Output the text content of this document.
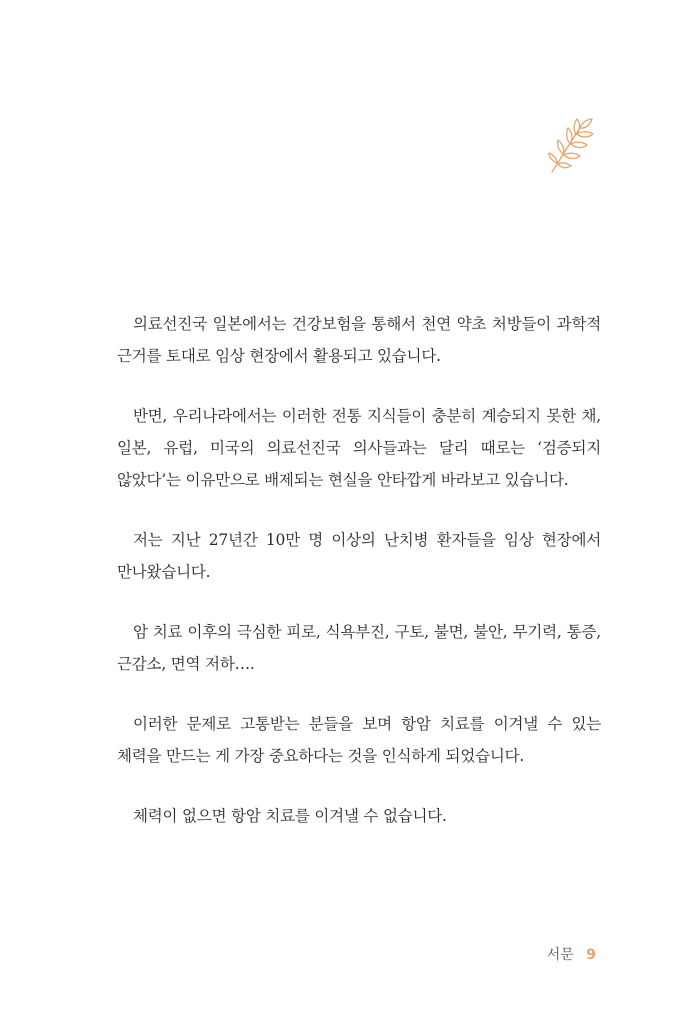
의료선진국 일본에서는 건강보험을 통해서 천연 약초 처방들이 과학적 근거를 토대로 임상 현장에서 활용되고 있습니다.

반면, 우리나라에서는 이러한 전통 지식들이 충분히 계승되지 못한 채, 일본, 유럽, 미국의 의료선진국 의사들과는 달리 때로는 ‘검증되지 않았다’는 이유만으로 배제되는 현실을 안타깝게 바라보고 있습니다.

저는 지난 27년간 10만 명 이상의 난치병 환자들을 임상 현장에서 만나왔습니다.

암 치료 이후의 극심한 피로, 식욕부진, 구토, 불면, 불안, 무기력, 통증, 근감소, 면역 저하….

이러한 문제로 고통받는 분들을 보며 항암 치료를 이겨낼 수 있는 체력을 만드는 게 가장 중요하다는 것을 인식하게 되었습니다.

체력이 없으면 항암 치료를 이겨낼 수 없습니다.

서문 9
